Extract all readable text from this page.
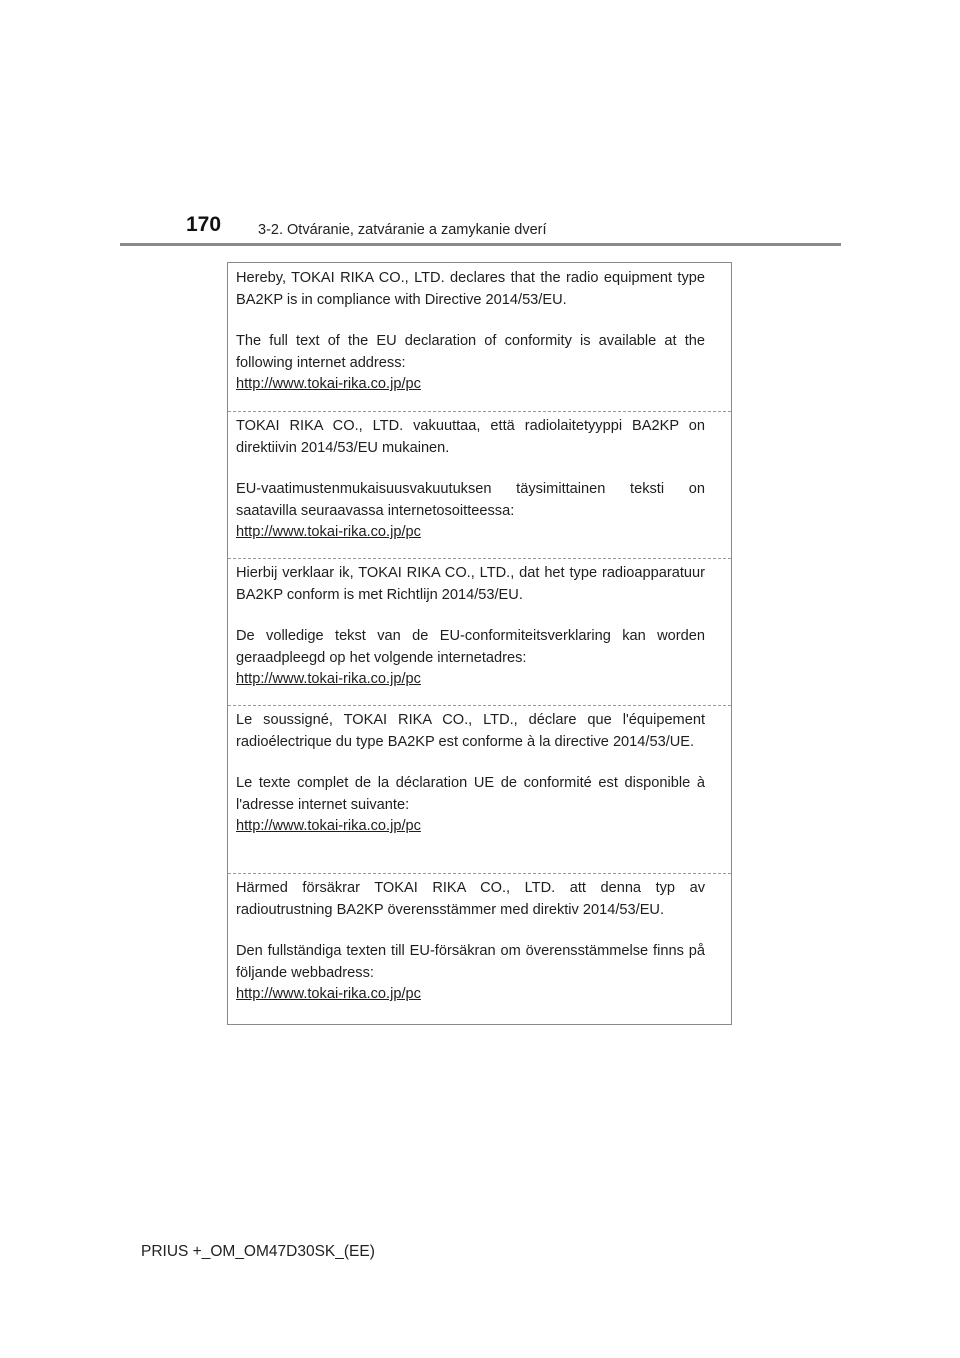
170	3-2. Otváranie, zatváranie a zamykanie dverí

Hereby, TOKAI RIKA CO., LTD. declares that the radio equipment type BA2KP is in compliance with Directive 2014/53/EU.

The full text of the EU declaration of conformity is available at the following internet address:

http://www.tokai-rika.co.jp/pc

TOKAI RIKA CO., LTD. vakuuttaa, että radiolaitetyyppi BA2KP on direktiivin 2014/53/EU mukainen.

EU-vaatimustenmukaisuusvakuutuksen täysimittainen teksti on saatavilla seuraavassa internetosoitteessa:

http://www.tokai-rika.co.jp/pc

Hierbij verklaar ik, TOKAI RIKA CO., LTD., dat het type radioapparatuur BA2KP conform is met Richtlijn 2014/53/EU.

De volledige tekst van de EU-conformiteitsverklaring kan worden geraadpleegd op het volgende internetadres:

http://www.tokai-rika.co.jp/pc

Le soussigné, TOKAI RIKA CO., LTD., déclare que l'équipement radioélectrique du type BA2KP est conforme à la directive 2014/53/UE.

Le texte complet de la déclaration UE de conformité est disponible à l'adresse internet suivante:

http://www.tokai-rika.co.jp/pc

Härmed försäkrar TOKAI RIKA CO., LTD. att denna typ av radioutrustning BA2KP överensstämmer med direktiv 2014/53/EU.

Den fullständiga texten till EU-försäkran om överensstämmelse finns på följande webbadress:

http://www.tokai-rika.co.jp/pc
PRIUS +_OM_OM47D30SK_(EE)
